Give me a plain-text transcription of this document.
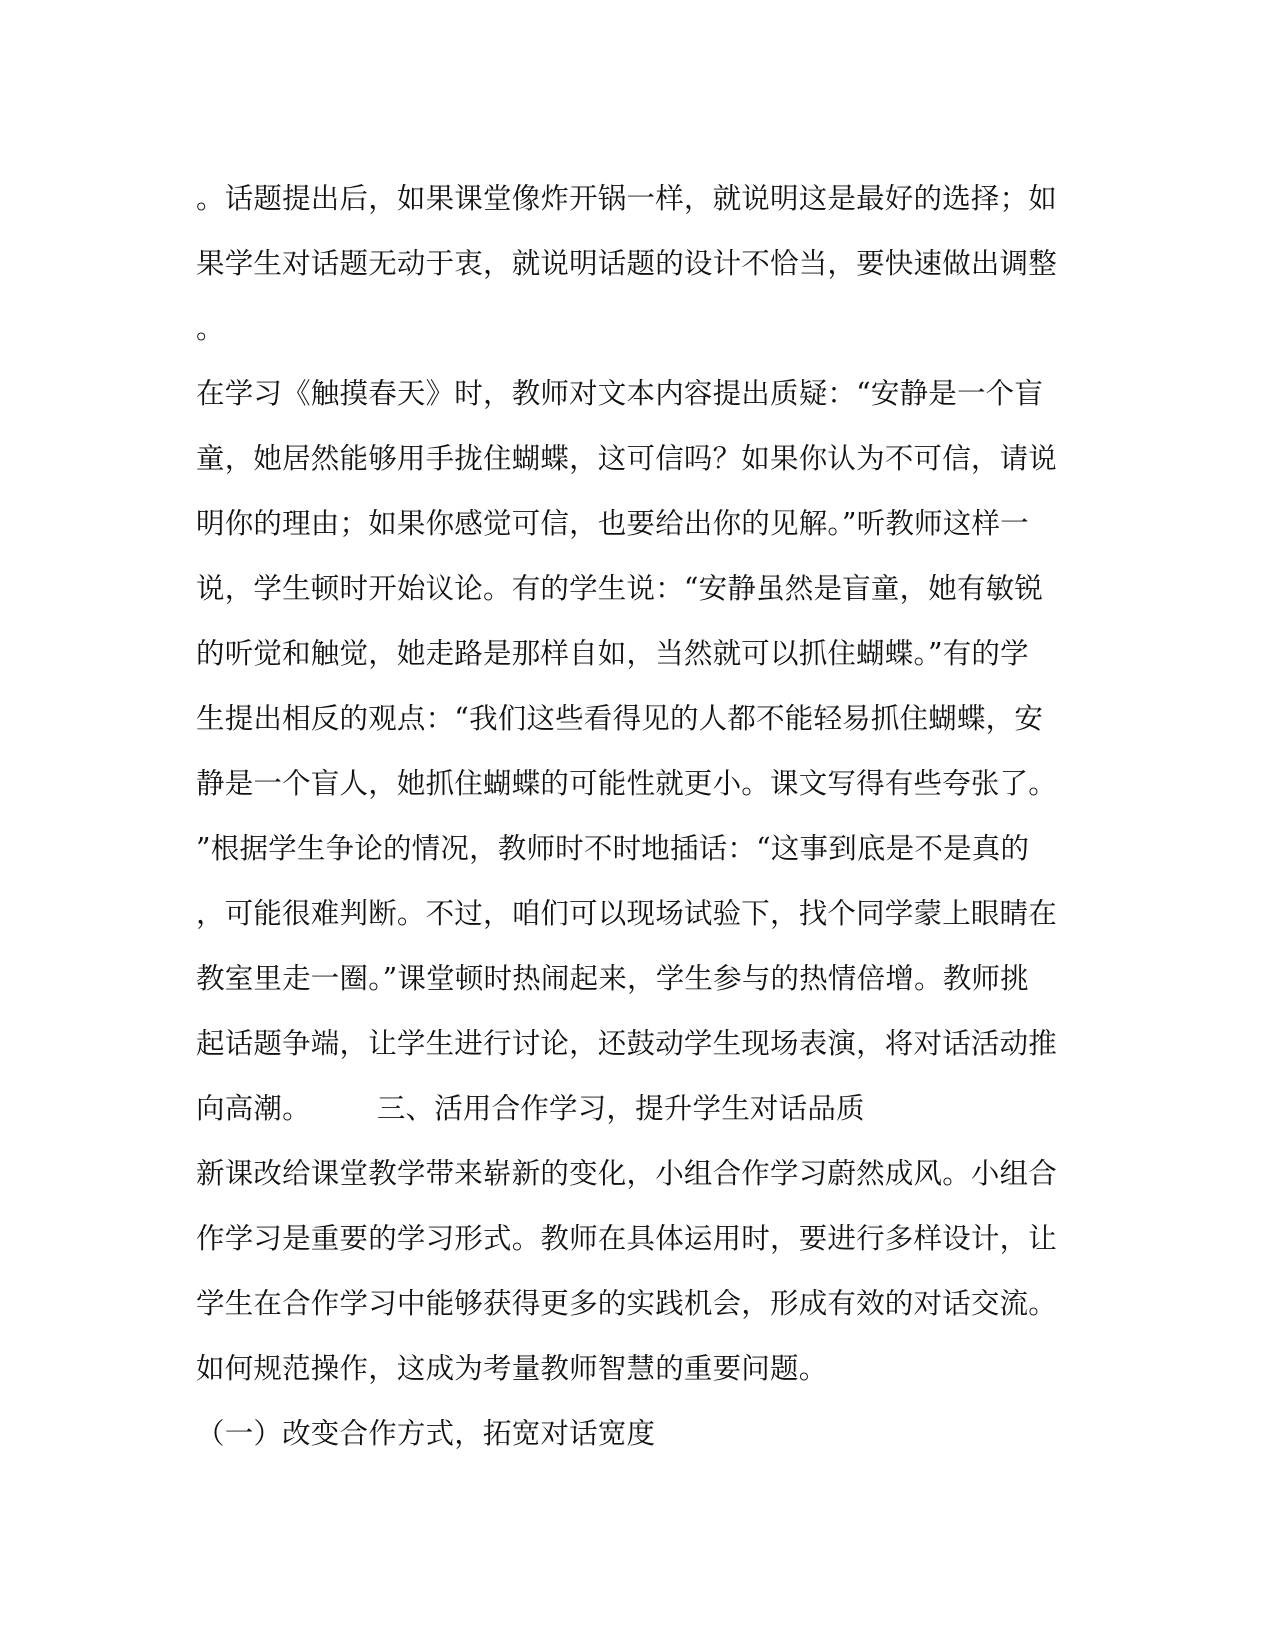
。话题提出后，如果课堂像炸开锅一样，就说明这是最好的选择；如
果学生对话题无动于衷，就说明话题的设计不恰当，要快速做出调整
。
在学习《触摸春天》时，教师对文本内容提出质疑：“安静是一个盲
童，她居然能够用手拢住蝴蝶，这可信吗？如果你认为不可信，请说
明你的理由；如果你感觉可信，也要给出你的见解。”听教师这样一
说，学生顿时开始议论。有的学生说：“安静虽然是盲童，她有敏锐
的听觉和触觉，她走路是那样自如，当然就可以抓住蝴蝶。”有的学
生提出相反的观点：“我们这些看得见的人都不能轻易抓住蝴蝶，安
静是一个盲人，她抓住蝴蝶的可能性就更小。课文写得有些夸张了。
”根据学生争论的情况，教师时不时地插话：“这事到底是不是真的
，可能很难判断。不过，咱们可以现场试验下，找个同学蒙上眼睛在
教室里走一圈。”课堂顿时热闹起来，学生参与的热情倍增。教师挑
起话题争端，让学生进行讨论，还鼓动学生现场表演，将对话活动推
向高潮。 三、活用合作学习，提升学生对话品质
新课改给课堂教学带来崭新的变化，小组合作学习蔚然成风。小组合
作学习是重要的学习形式。教师在具体运用时，要进行多样设计，让
学生在合作学习中能够获得更多的实践机会，形成有效的对话交流。
如何规范操作，这成为考量教师智慧的重要问题。
（一）改变合作方式，拓宽对话宽度
